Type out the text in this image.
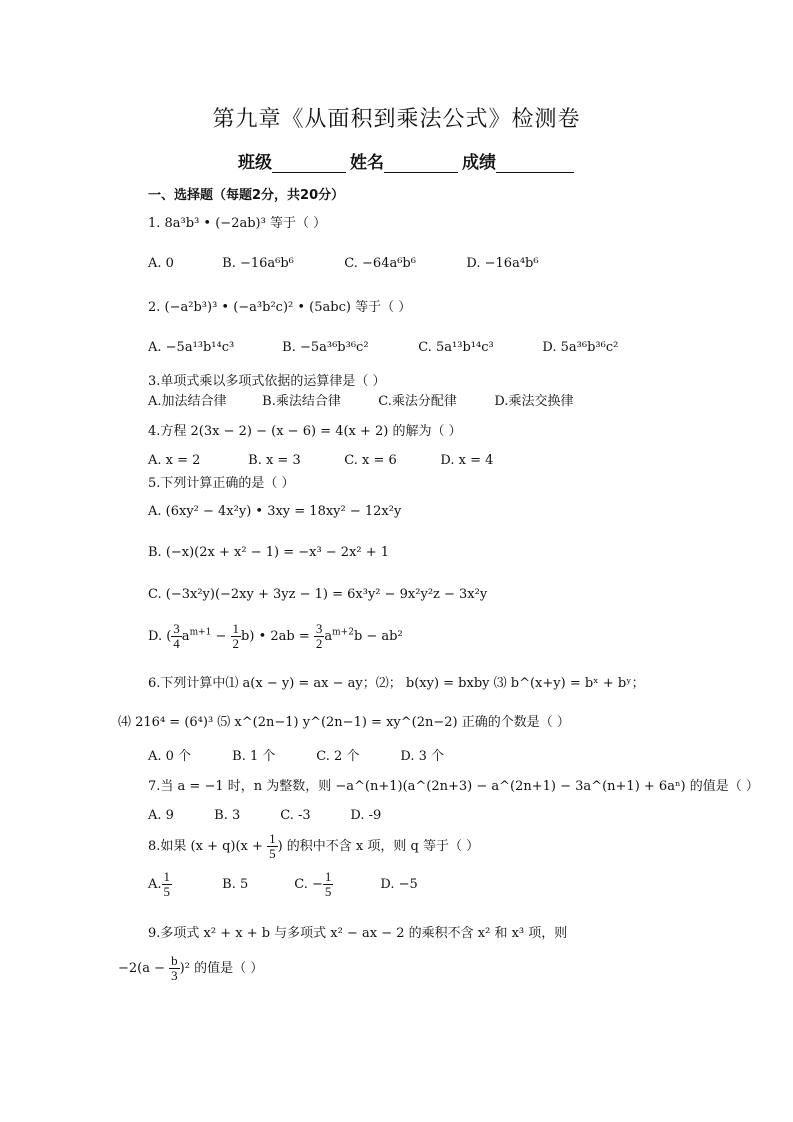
第九章《从面积到乘法公式》检测卷
班级	姓名	成绩
一、选择题（每题2分，共20分）
1. 8a³b³ • (−2ab)³ 等于（ ）
A. 0	B. −16a⁶b⁶	C. −64a⁶b⁶	D. −16a⁴b⁶
2. (−a²b³)³ • (−a³b²c)² • (5abc) 等于（ ）
A. −5a¹³b¹⁴c³	B. −5a³⁶b³⁶c²	C. 5a¹³b¹⁴c³	D. 5a³⁶b³⁶c²
3.单项式乘以多项式依据的运算律是（ ）
A.加法结合律	B.乘法结合律	C.乘法分配律	D.乘法交换律
4.方程 2(3x − 2) − (x − 6) = 4(x + 2) 的解为（ ）
A. x = 2	B. x = 3	C. x = 6	D. x = 4
5.下列计算正确的是（ ）
A. (6xy² − 4x²y) • 3xy = 18xy² − 12x²y
B. (−x)(2x + x² − 1) = −x³ − 2x² + 1
C. (−3x²y)(−2xy + 3yz − 1) = 6x³y² − 9x²y²z − 3x²y
D. ( $\frac{3}{4} a^{m+1} - \frac{1}{2} b$) • $2ab = \frac{3}{2} a^{m+2}b - ab^2$
6.下列计算中⑴ a(x − y) = ax − ay；⑵； b(xy) = bxby ⑶ b^(x+y) = bˣ + bʸ；
⑷ 216⁴ = (6⁴)³ ⑸ x^(2n−1) y^(2n−1) = xy^(2n−2) 正确的个数是（ ）
A. 0 个	B. 1 个	C. 2 个	D. 3 个
7.当 a = −1 时，n 为整数，则 −a^(n+1)(a^(2n+3) − a^(2n+1) − 3a^(n+1) + 6aⁿ) 的值是（ ）
A. 9	B. 3	C. -3	D. -9
8.如果 $(x + q)(x + \frac{1}{5}$ ) 的积中不含 x 项，则 q 等于（ ）
A. $\frac{1}{5}$	B. 5	C. − $\frac{1}{5}$	D. −5
9.多项式 x² + x + b 与多项式 x² − ax − 2 的乘积不含 x² 和 x³ 项，则
$-2(a - \frac{b}{3} )^2$ 的值是（ ）
